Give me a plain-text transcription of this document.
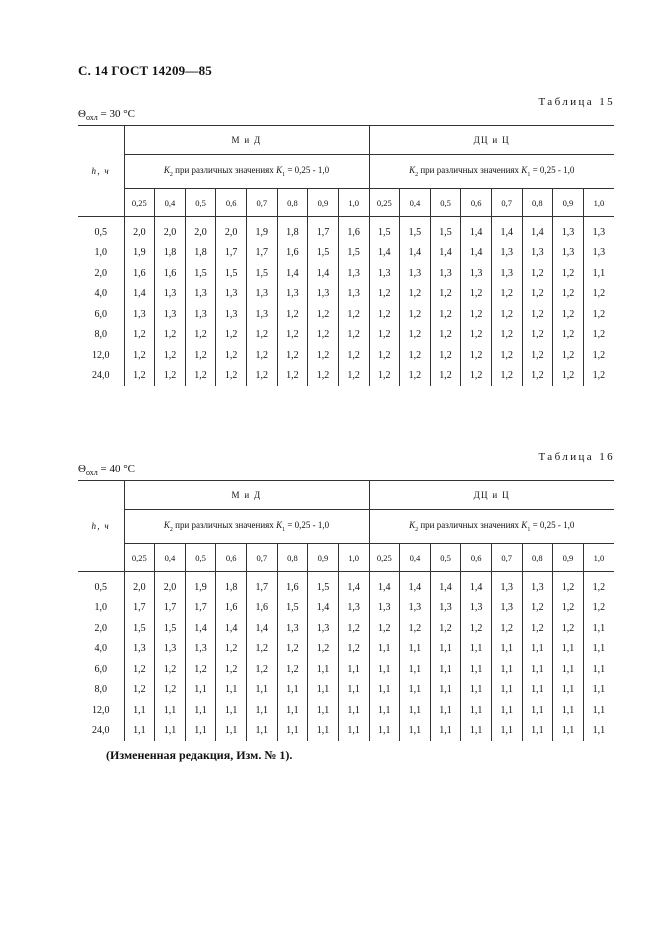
С. 14 ГОСТ 14209—85
Таблица 15
$\Theta_{охл} = 30$ °С
h, ч	М и Д								ДЦ и Ц							
	$K_2$ при различных значениях $K_1 = 0,25 - 1,0$								$K_2$ при различных значениях $K_1 = 0,25 - 1,0$							
	0,25	0,4	0,5	0,6	0,7	0,8	0,9	1,0	0,25	0,4	0,5	0,6	0,7	0,8	0,9	1,0
0,5	2,0	2,0	2,0	2,0	1,9	1,8	1,7	1,6	1,5	1,5	1,5	1,4	1,4	1,4	1,3	1,3
1,0	1,9	1,8	1,8	1,7	1,7	1,6	1,5	1,5	1,4	1,4	1,4	1,4	1,3	1,3	1,3	1,3
2,0	1,6	1,6	1,5	1,5	1,5	1,4	1,4	1,3	1,3	1,3	1,3	1,3	1,3	1,2	1,2	1,1
4,0	1,4	1,3	1,3	1,3	1,3	1,3	1,3	1,3	1,2	1,2	1,2	1,2	1,2	1,2	1,2	1,2
6,0	1,3	1,3	1,3	1,3	1,3	1,2	1,2	1,2	1,2	1,2	1,2	1,2	1,2	1,2	1,2	1,2
8,0	1,2	1,2	1,2	1,2	1,2	1,2	1,2	1,2	1,2	1,2	1,2	1,2	1,2	1,2	1,2	1,2
12,0	1,2	1,2	1,2	1,2	1,2	1,2	1,2	1,2	1,2	1,2	1,2	1,2	1,2	1,2	1,2	1,2
24,0	1,2	1,2	1,2	1,2	1,2	1,2	1,2	1,2	1,2	1,2	1,2	1,2	1,2	1,2	1,2	1,2
Таблица 16
$\Theta_{охл} = 40$ °С
h, ч	М и Д								ДЦ и Ц							
	$K_2$ при различных значениях $K_1 = 0,25 - 1,0$								$K_2$ при различных значениях $K_1 = 0,25 - 1,0$							
	0,25	0,4	0,5	0,6	0,7	0,8	0,9	1,0	0,25	0,4	0,5	0,6	0,7	0,8	0,9	1,0
0,5	2,0	2,0	1,9	1,8	1,7	1,6	1,5	1,4	1,4	1,4	1,4	1,4	1,3	1,3	1,2	1,2
1,0	1,7	1,7	1,7	1,6	1,6	1,5	1,4	1,3	1,3	1,3	1,3	1,3	1,3	1,2	1,2	1,2
2,0	1,5	1,5	1,4	1,4	1,4	1,3	1,3	1,2	1,2	1,2	1,2	1,2	1,2	1,2	1,2	1,1
4,0	1,3	1,3	1,3	1,2	1,2	1,2	1,2	1,2	1,1	1,1	1,1	1,1	1,1	1,1	1,1	1,1
6,0	1,2	1,2	1,2	1,2	1,2	1,2	1,1	1,1	1,1	1,1	1,1	1,1	1,1	1,1	1,1	1,1
8,0	1,2	1,2	1,1	1,1	1,1	1,1	1,1	1,1	1,1	1,1	1,1	1,1	1,1	1,1	1,1	1,1
12,0	1,1	1,1	1,1	1,1	1,1	1,1	1,1	1,1	1,1	1,1	1,1	1,1	1,1	1,1	1,1	1,1
24,0	1,1	1,1	1,1	1,1	1,1	1,1	1,1	1,1	1,1	1,1	1,1	1,1	1,1	1,1	1,1	1,1
(Измененная редакция, Изм. № 1).
